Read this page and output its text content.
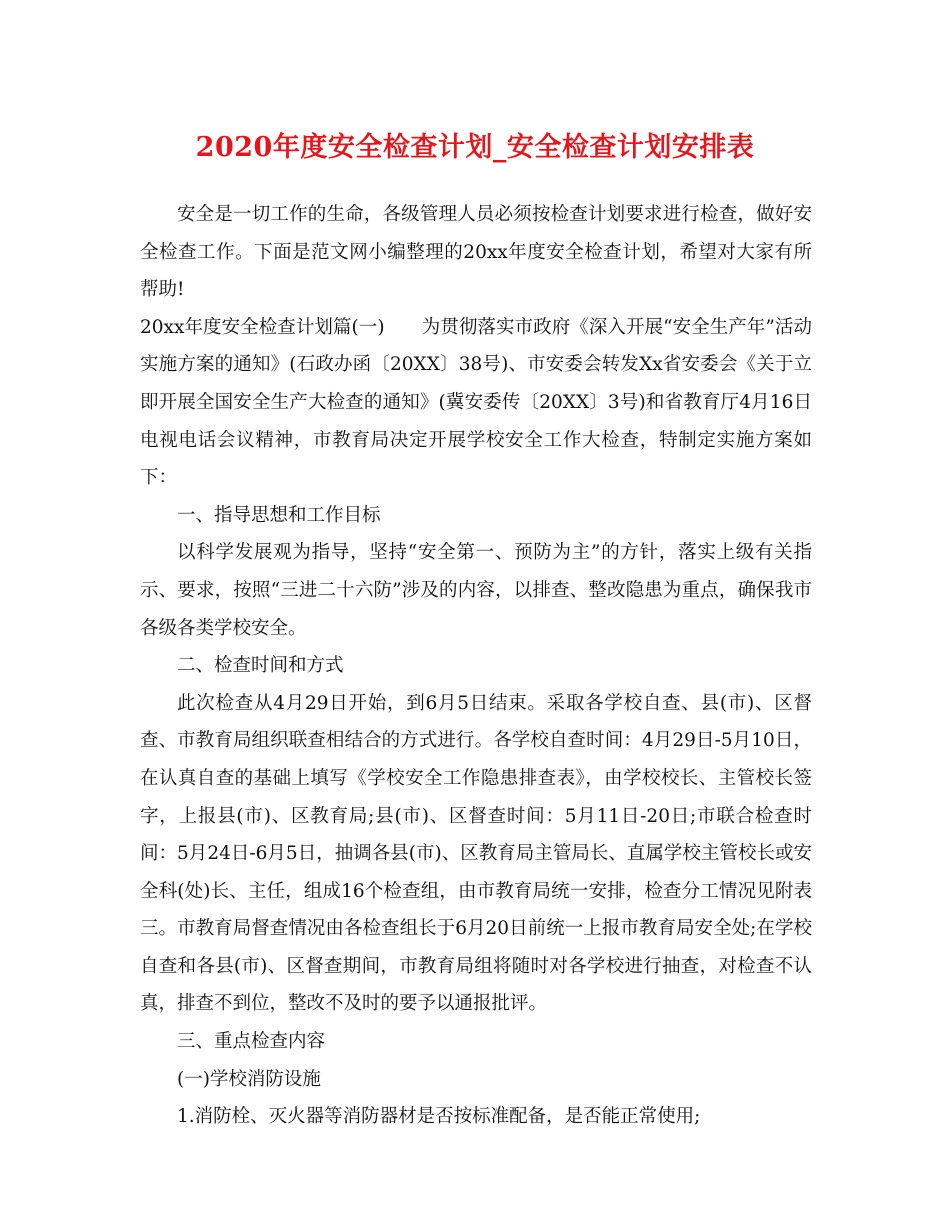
2020年度安全检查计划_安全检查计划安排表

安全是一切工作的生命，各级管理人员必须按检查计划要求进行检查，做好安全检查工作。下面是范文网小编整理的20xx年度安全检查计划，希望对大家有所帮助!

20xx年度安全检查计划篇(一)　　为贯彻落实市政府《深入开展“安全生产年”活动实施方案的通知》(石政办函〔20XX〕38号)、市安委会转发Xx省安委会《关于立即开展全国安全生产大检查的通知》(冀安委传〔20XX〕3号)和省教育厅4月16日电视电话会议精神，市教育局决定开展学校安全工作大检查，特制定实施方案如下：

一、指导思想和工作目标

以科学发展观为指导，坚持“安全第一、预防为主”的方针，落实上级有关指示、要求，按照“三进二十六防”涉及的内容，以排查、整改隐患为重点，确保我市各级各类学校安全。

二、检查时间和方式

此次检查从4月29日开始，到6月5日结束。采取各学校自查、县(市)、区督查、市教育局组织联查相结合的方式进行。各学校自查时间：4月29日-5月10日，在认真自查的基础上填写《学校安全工作隐患排查表》，由学校校长、主管校长签字，上报县(市)、区教育局;县(市)、区督查时间：5月11日-20日;市联合检查时间：5月24日-6月5日，抽调各县(市)、区教育局主管局长、直属学校主管校长或安全科(处)长、主任，组成16个检查组，由市教育局统一安排，检查分工情况见附表三。市教育局督查情况由各检查组长于6月20日前统一上报市教育局安全处;在学校自查和各县(市)、区督查期间，市教育局组将随时对各学校进行抽查，对检查不认真，排查不到位，整改不及时的要予以通报批评。

三、重点检查内容

(一)学校消防设施

1.消防栓、灭火器等消防器材是否按标准配备，是否能正常使用;
